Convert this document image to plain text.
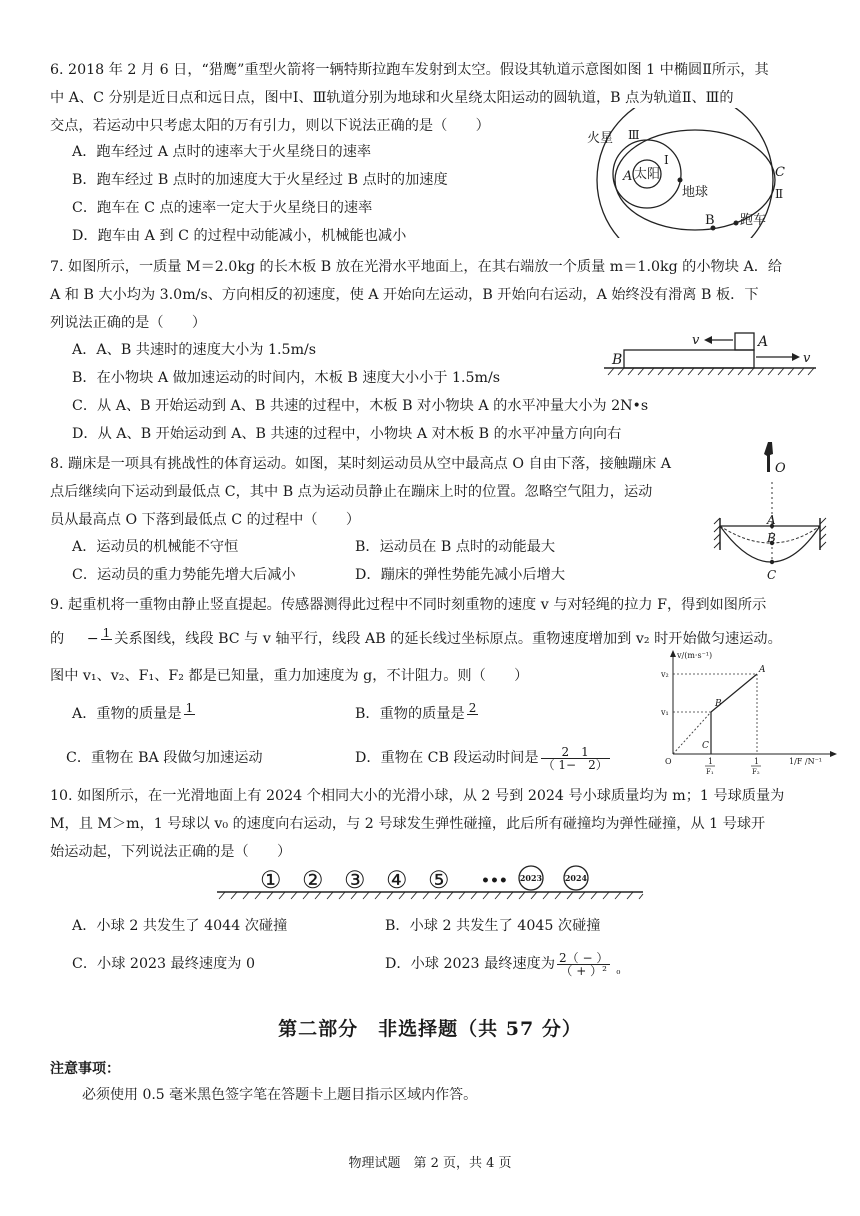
6. 2018 年 2 月 6 日，“猎鹰”重型火箭将一辆特斯拉跑车发射到太空。假设其轨道示意图如图 1 中椭圆Ⅱ所示，其
中 A、C 分别是近日点和远日点，图中Ⅰ、Ⅲ轨道分别为地球和火星绕太阳运动的圆轨道，B 点为轨道Ⅱ、Ⅲ的
交点，若运动中只考虑太阳的万有引力，则以下说法正确的是（　　）
A．跑车经过 A 点时的速率大于火星绕日的速率
B．跑车经过 B 点时的加速度大于火星经过 B 点时的加速度
C．跑车在 C 点的速率一定大于火星绕日的速率
D．跑车由 A 到 C 的过程中动能减小，机械能也减小
火星 Ⅲ
太阳
Ⅰ
地球
A	C
Ⅱ
B 跑车
7. 如图所示，一质量 M＝2.0kg 的长木板 B 放在光滑水平地面上，在其右端放一个质量 m＝1.0kg 的小物块 A．给
A 和 B 大小均为 3.0m/s、方向相反的初速度，使 A 开始向左运动，B 开始向右运动，A 始终没有滑离 B 板．下
列说法正确的是（　　）
A．A、B 共速时的速度大小为 1.5m/s
B．在小物块 A 做加速运动的时间内，木板 B 速度大小小于 1.5m/s
C．从 A、B 开始运动到 A、B 共速的过程中，木板 B 对小物块 A 的水平冲量大小为 2N•s
D．从 A、B 开始运动到 A、B 共速的过程中，小物块 A 对木板 B 的水平冲量方向向右
v	A
B	v
8. 蹦床是一项具有挑战性的体育运动。如图，某时刻运动员从空中最高点 O 自由下落，接触蹦床 A
点后继续向下运动到最低点 C，其中 B 点为运动员静止在蹦床上时的位置。忽略空气阻力，运动
员从最高点 O 下落到最低点 C 的过程中（　　）
A．运动员的机械能不守恒	B．运动员在 B 点时的动能最大
C．运动员的重力势能先增大后减小	D．蹦床的弹性势能先减小后增大
O
A
B
C
9. 起重机将一重物由静止竖直提起。传感器测得此过程中不同时刻重物的速度 v 与对轻绳的拉力 F，得到如图所示
的 − 1 关系图线，线段 BC 与 v 轴平行，线段 AB 的延长线过坐标原点。重物速度增加到 v₂ 时开始做匀速运动。
图中 v₁、v₂、F₁、F₂ 都是已知量，重力加速度为 g，不计阻力。则（　　）
A．重物的质量是 1	B．重物的质量是 2
C．重物在 BA 段做匀加速运动	D．重物在 CB 段运动时间是 $\frac{2 1}{( 1- 2)}$
v/(m·s⁻¹)
v₂
v₁
O
A
B
C
1
F₁
1
F₂
1/F /N⁻¹
10. 如图所示，在一光滑地面上有 2024 个相同大小的光滑小球，从 2 号到 2024 号小球质量均为 m；1 号球质量为
M，且 M＞m，1 号球以 v₀ 的速度向右运动，与 2 号球发生弹性碰撞，此后所有碰撞均为弹性碰撞，从 1 号球开
始运动起，下列说法正确的是（　　）
① ② ③ ④ ⑤ ••• 2023	2024
A．小球 2 共发生了 4044 次碰撞	B．小球 2 共发生了 4045 次碰撞
C．小球 2023 最终速度为 0	D．小球 2023 最终速度为 $\frac{2( - )}{\text{（ + ）²}} _{_0}$
第二部分　非选择题（共 57 分）
注意事项：
必须使用 0.5 毫米黑色签字笔在答题卡上题目指示区域内作答。
物理试题　第 2 页，共 4 页
